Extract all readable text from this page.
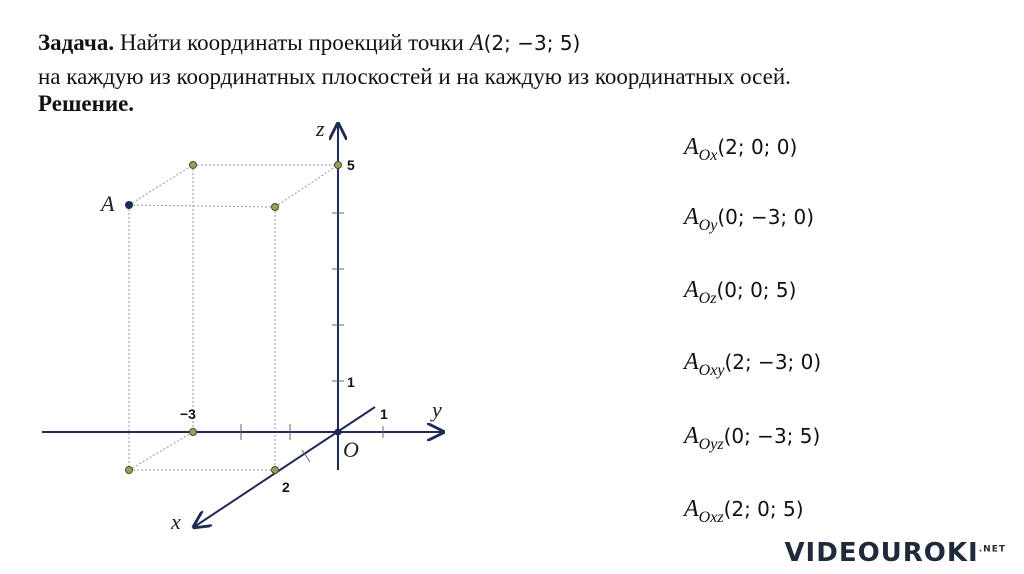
Задача. Найти координаты проекций точки A(2; −3; 5)
на каждую из координатных плоскостей и на каждую из координатных осей.
Решение.
A
z
y
x
O
5
1
−3	1
2
$A_{Ox}(2$; 0; 0)
$A_{Oy}(0$; −3; 0)
$A_{Oz}(0$; 0; 5)
$A_{Oxy}(2$; −3; 0)
$A_{Oyz}(0$; −3; 5)
$A_{Oxz}(2$; 0; 5)
$VIDEOUROKI^{.NET}$
